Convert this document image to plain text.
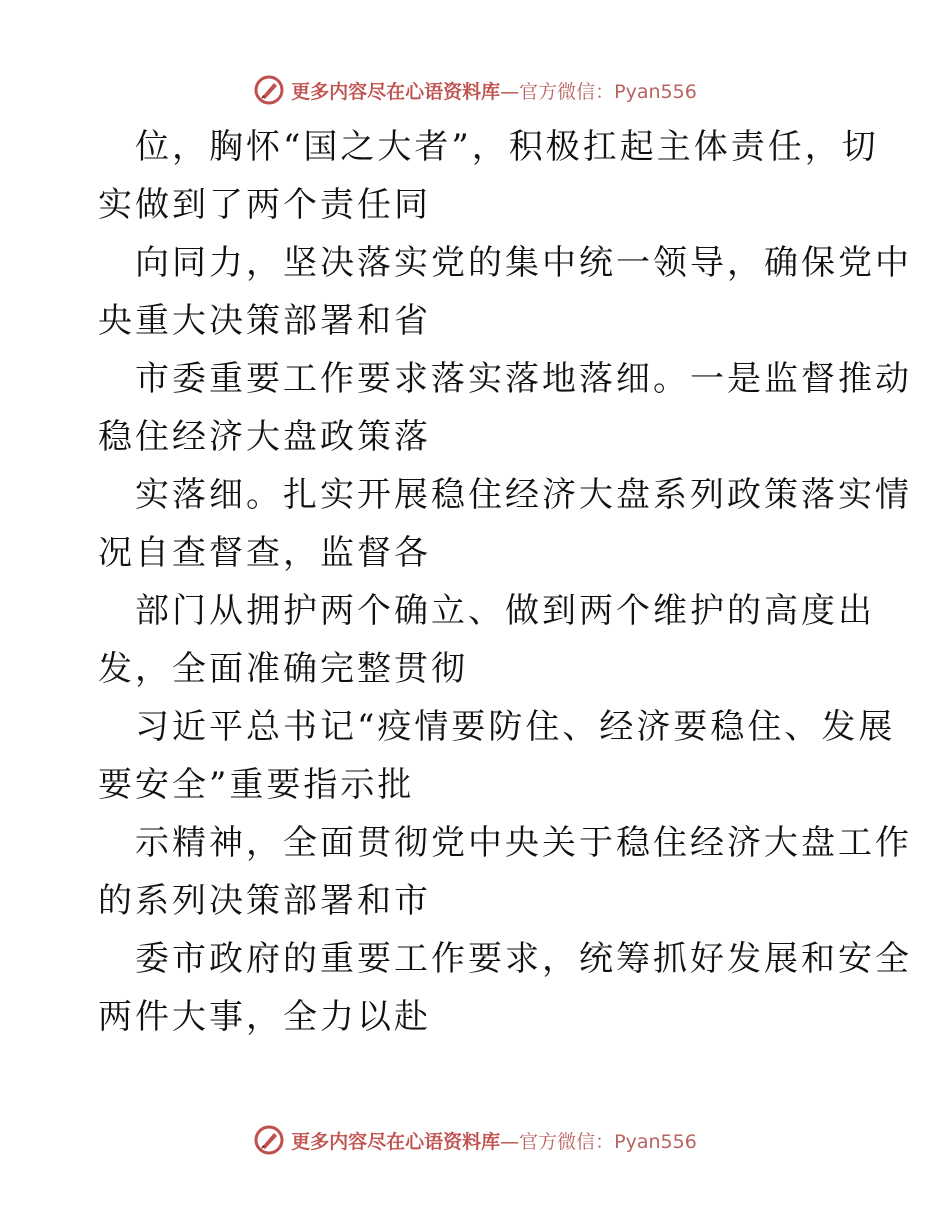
更多内容尽在心语资料库—官方微信：Pyan556
位，胸怀“国之大者”，积极扛起主体责任，切
实做到了两个责任同
向同力，坚决落实党的集中统一领导，确保党中
央重大决策部署和省
市委重要工作要求落实落地落细。一是监督推动
稳住经济大盘政策落
实落细。扎实开展稳住经济大盘系列政策落实情
况自查督查，监督各
部门从拥护两个确立、做到两个维护的高度出
发，全面准确完整贯彻
习近平总书记“疫情要防住、经济要稳住、发展
要安全”重要指示批
示精神，全面贯彻党中央关于稳住经济大盘工作
的系列决策部署和市
委市政府的重要工作要求，统筹抓好发展和安全
两件大事，全力以赴
更多内容尽在心语资料库—官方微信：Pyan556
